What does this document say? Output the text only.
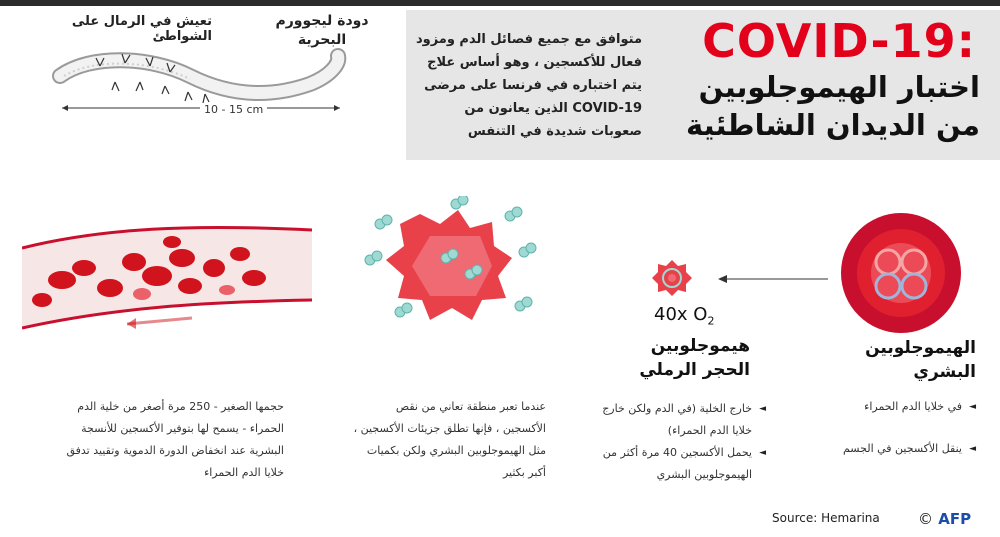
COVID-19:
اختبار الهيموجلوبين
من الديدان الشاطئية
متوافق مع جميع فصائل الدم ومزود
فعال للأكسجين ، وهو أساس علاج
يتم اختباره في فرنسا على مرضى
COVID-19 الذين يعانون من
صعوبات شديدة في التنفس
دودة ليجوورم
البحرية
تعيش في الرمال على الشواطئ
10 - 15 cm
40x $O_2$
هيموجلوبين
الحجر الرملي
الهيموجلوبين
البشري
◄ في خلايا الدم الحمراء
◄ ينقل الأكسجين في الجسم
◄ خارج الخلية (في الدم ولكن خارج خلايا الدم الحمراء)
◄ يحمل الأكسجين 40 مرة أكثر من الهيموجلوبين البشري
عندما تعبر منطقة تعاني من نقص الأكسجين ، فإنها تطلق جزيئات الأكسجين ، مثل الهيموجلوبين البشري ولكن بكميات أكبر بكثير
حجمها الصغير - 250 مرة أصغر من خلية الدم الحمراء - يسمح لها بتوفير الأكسجين للأنسجة البشرية عند انخفاض الدورة الدموية وتقييد تدفق خلايا الدم الحمراء
Source: Hemarina	© AFP
